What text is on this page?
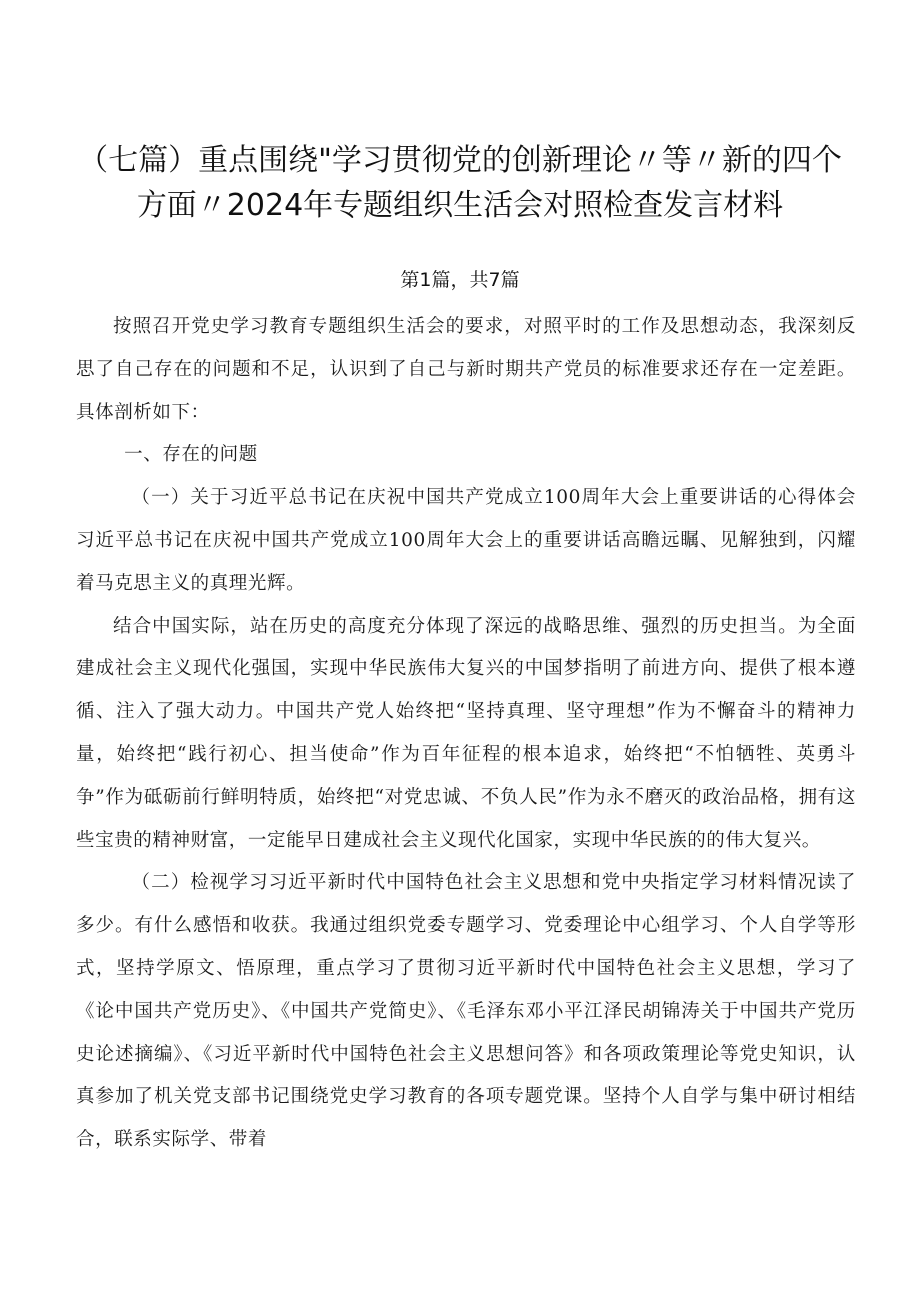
（七篇）重点围绕"学习贯彻党的创新理论〃等〃新的四个方面〃2024年专题组织生活会对照检查发言材料
第1篇，共7篇

按照召开党史学习教育专题组织生活会的要求，对照平时的工作及思想动态，我深刻反思了自己存在的问题和不足，认识到了自己与新时期共产党员的标准要求还存在一定差距。具体剖析如下：

一、存在的问题

（一）关于习近平总书记在庆祝中国共产党成立100周年大会上重要讲话的心得体会习近平总书记在庆祝中国共产党成立100周年大会上的重要讲话高瞻远瞩、见解独到，闪耀着马克思主义的真理光辉。

结合中国实际，站在历史的高度充分体现了深远的战略思维、强烈的历史担当。为全面建成社会主义现代化强国，实现中华民族伟大复兴的中国梦指明了前进方向、提供了根本遵循、注入了强大动力。中国共产党人始终把“坚持真理、坚守理想”作为不懈奋斗的精神力量，始终把“践行初心、担当使命”作为百年征程的根本追求，始终把“不怕牺牲、英勇斗争”作为砥砺前行鲜明特质，始终把“对党忠诚、不负人民”作为永不磨灭的政治品格，拥有这些宝贵的精神财富，一定能早日建成社会主义现代化国家，实现中华民族的的伟大复兴。

（二）检视学习习近平新时代中国特色社会主义思想和党中央指定学习材料情况读了多少。有什么感悟和收获。我通过组织党委专题学习、党委理论中心组学习、个人自学等形式，坚持学原文、悟原理，重点学习了贯彻习近平新时代中国特色社会主义思想，学习了《论中国共产党历史》、《中国共产党简史》、《毛泽东邓小平江泽民胡锦涛关于中国共产党历史论述摘编》、《习近平新时代中国特色社会主义思想问答》和各项政策理论等党史知识，认真参加了机关党支部书记围绕党史学习教育的各项专题党课。坚持个人自学与集中研讨相结合，联系实际学、带着
